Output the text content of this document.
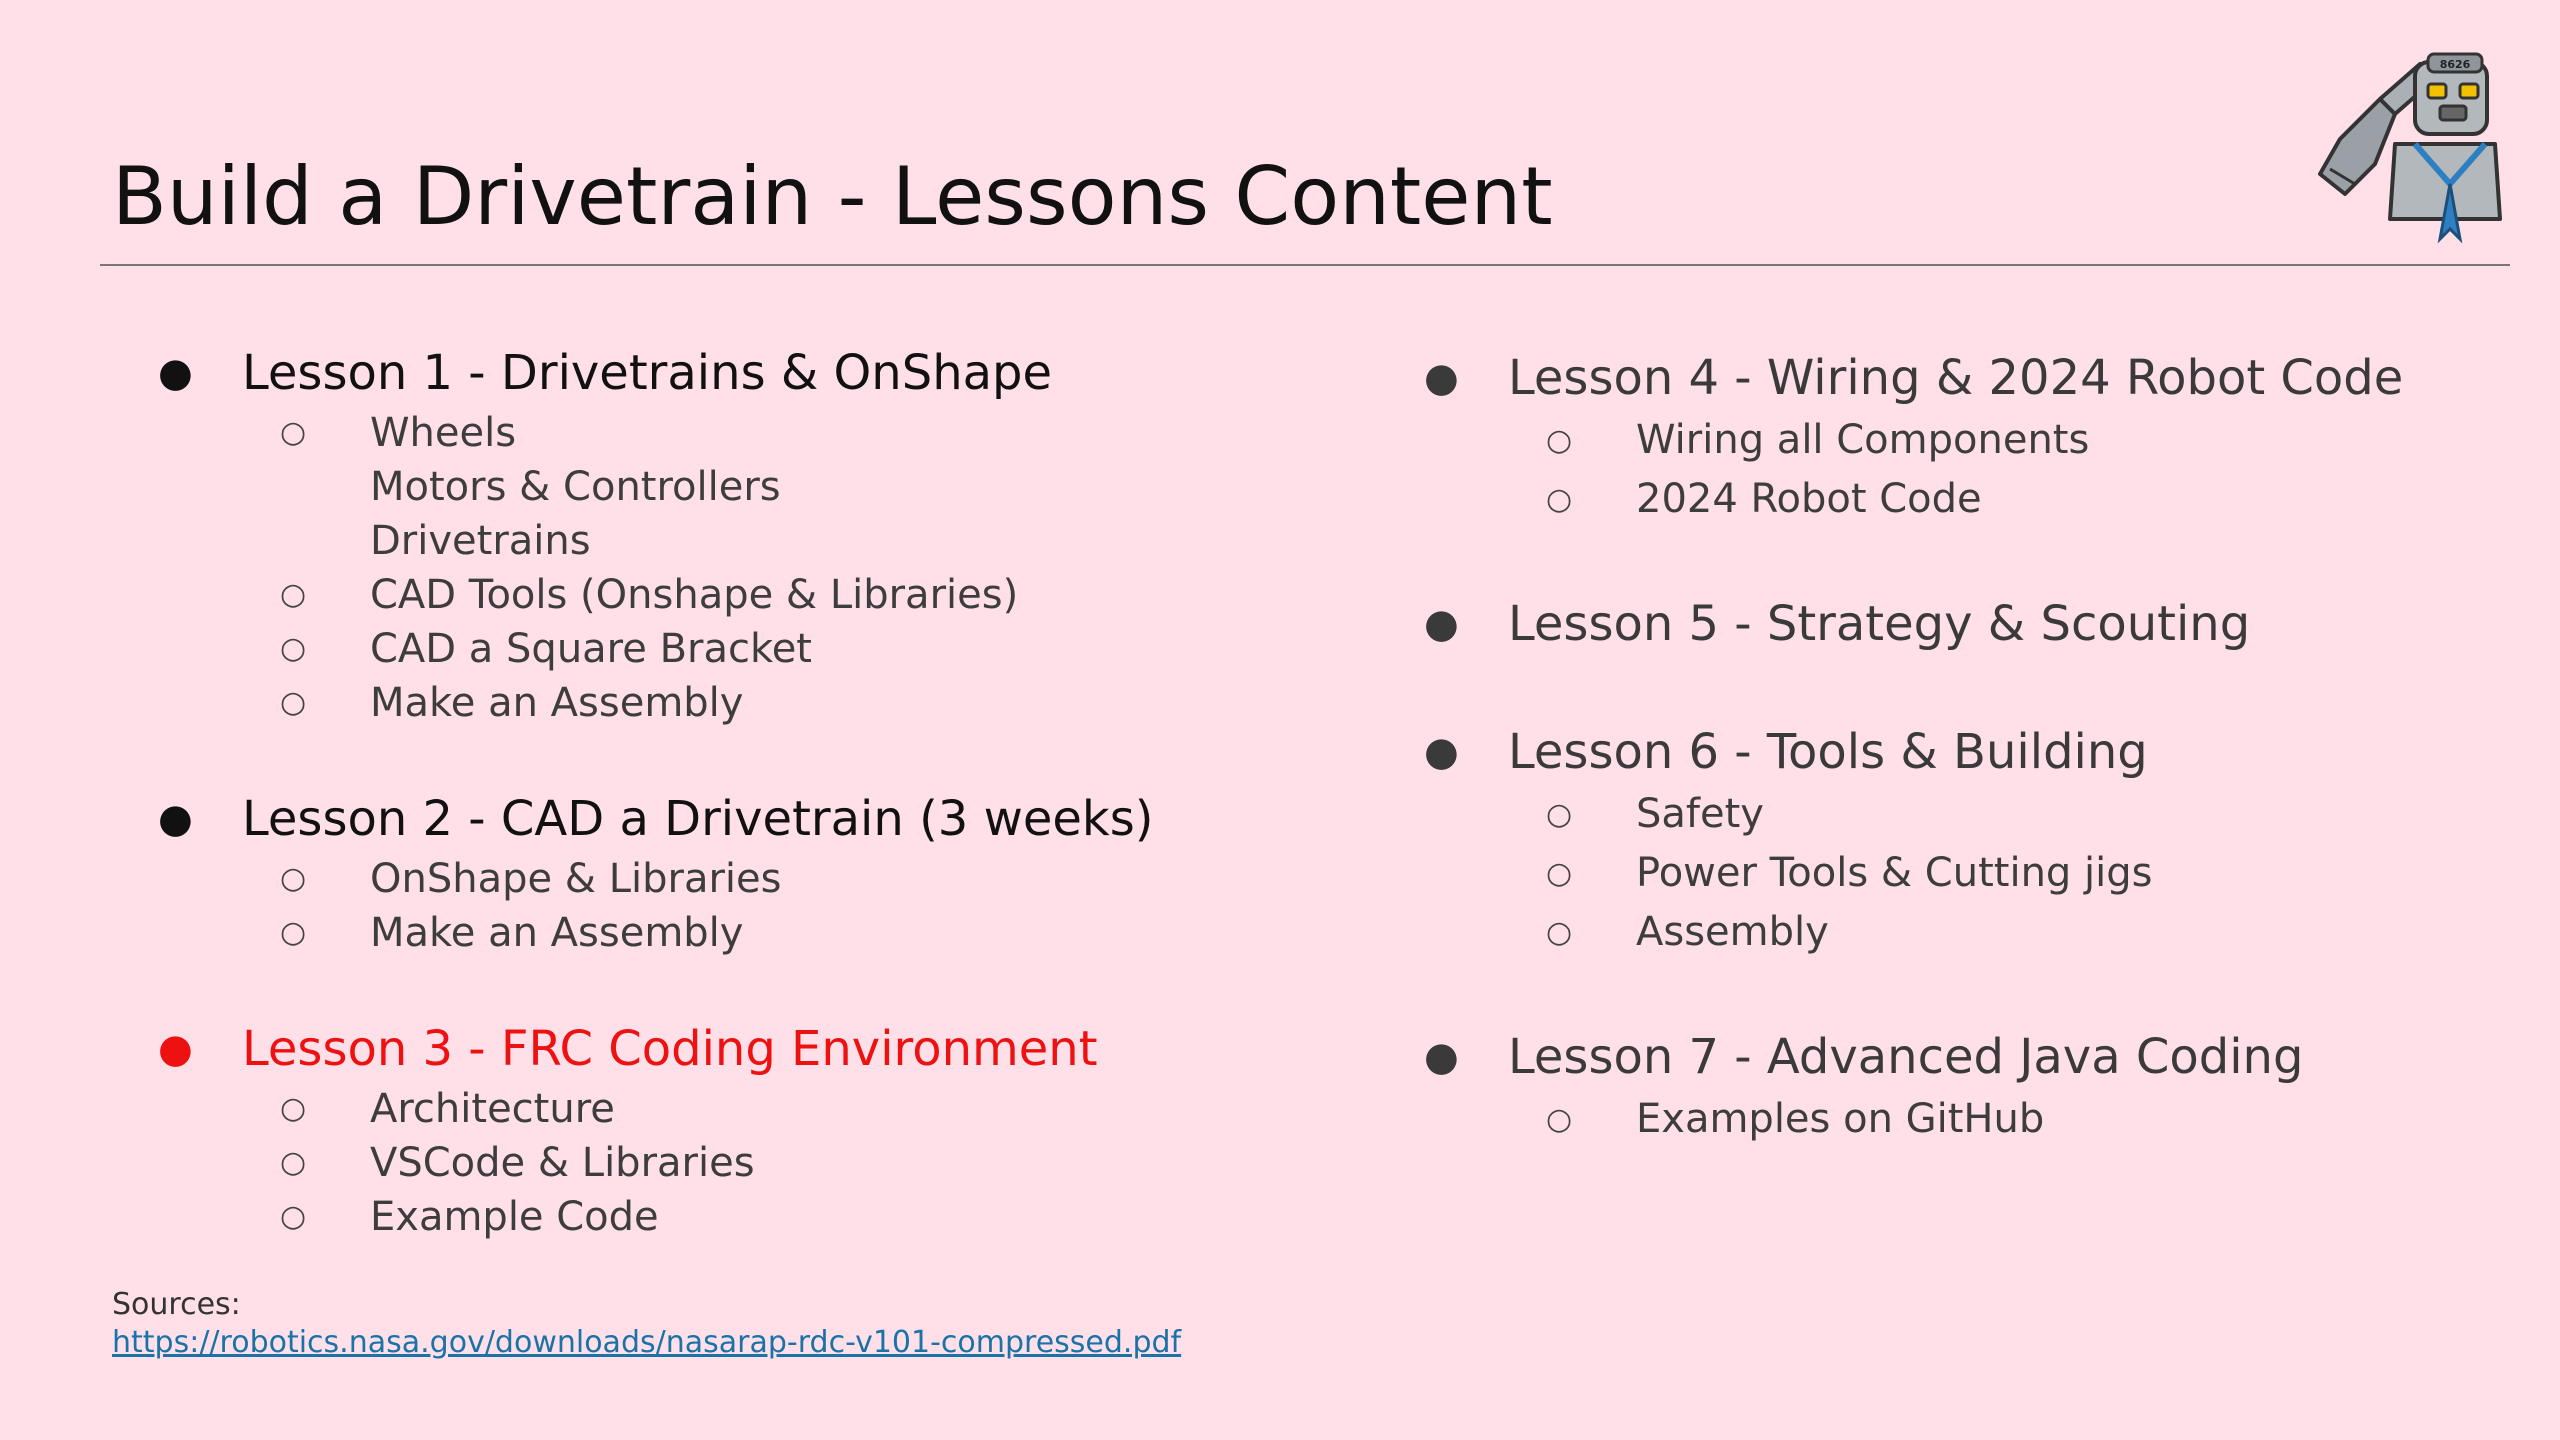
Build a Drivetrain - Lessons Content
8626
● Lesson 1 - Drivetrains & OnShape
○ Wheels
Motors & Controllers
Drivetrains
○ CAD Tools (Onshape & Libraries)
○ CAD a Square Bracket
○ Make an Assembly
● Lesson 2 - CAD a Drivetrain (3 weeks)
○ OnShape & Libraries
○ Make an Assembly
● Lesson 3 - FRC Coding Environment
○ Architecture
○ VSCode & Libraries
○ Example Code
● Lesson 4 - Wiring & 2024 Robot Code
○ Wiring all Components
○ 2024 Robot Code
● Lesson 5 - Strategy & Scouting
● Lesson 6 - Tools & Building
○ Safety
○ Power Tools & Cutting jigs
○ Assembly
● Lesson 7 - Advanced Java Coding
○ Examples on GitHub
Sources:
https://robotics.nasa.gov/downloads/nasarap-rdc-v101-compressed.pdf
